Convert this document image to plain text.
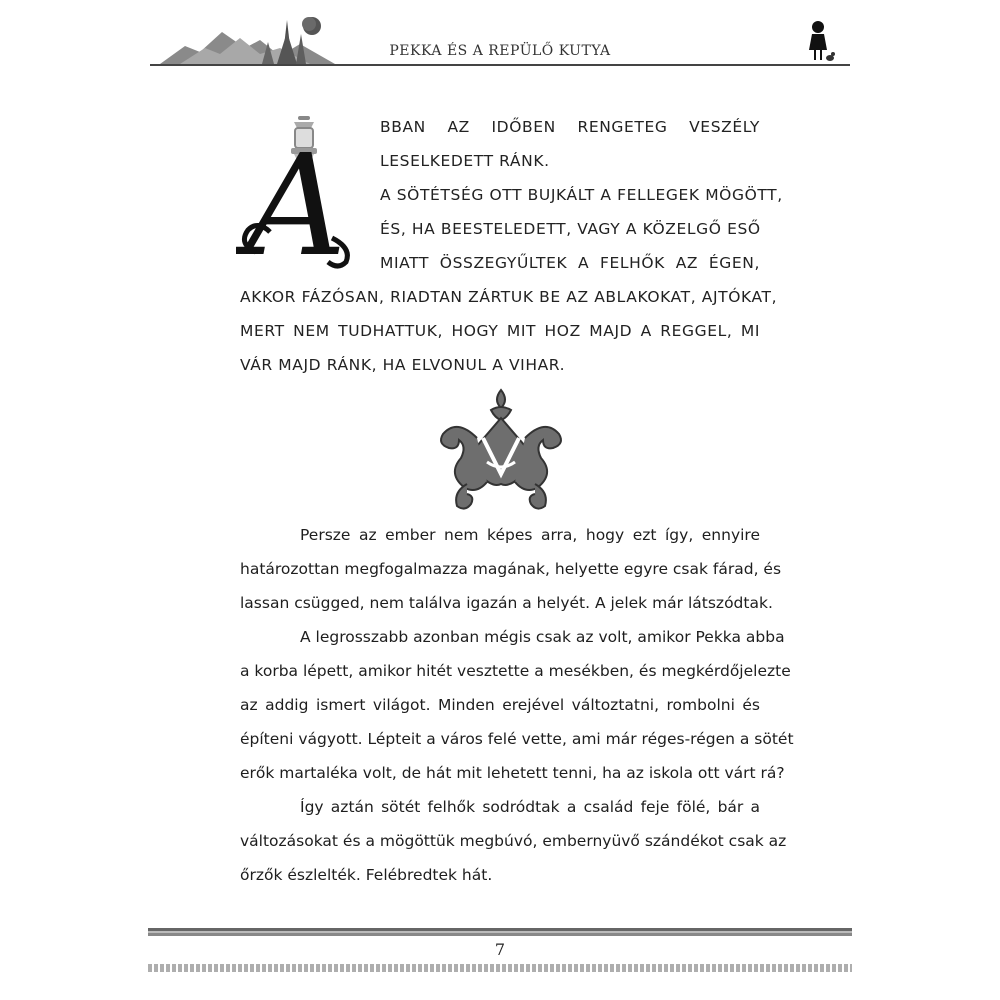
PEKKA ÉS A REPÜLŐ KUTYA
A BBAN AZ IDŐBEN RENGETEG VESZÉLY
LESELKEDETT RÁNK.
A SÖTÉTSÉG OTT BUJKÁLT A FELLEGEK MÖGÖTT,
ÉS, HA BEESTELEDETT, VAGY A KÖZELGŐ ESŐ
MIATT ÖSSZEGYŰLTEK A FELHŐK AZ ÉGEN,
AKKOR FÁZÓSAN, RIADTAN ZÁRTUK BE AZ ABLAKOKAT, AJTÓKAT,
MERT NEM TUDHATTUK, HOGY MIT HOZ MAJD A REGGEL, MI
VÁR MAJD RÁNK, HA ELVONUL A VIHAR.
Persze az ember nem képes arra, hogy ezt így, ennyire
határozottan megfogalmazza magának, helyette egyre csak fárad, és
lassan csügged, nem találva igazán a helyét. A jelek már látszódtak.
A legrosszabb azonban mégis csak az volt, amikor Pekka abba
a korba lépett, amikor hitét vesztette a mesékben, és megkérdőjelezte
az addig ismert világot. Minden erejével változtatni, rombolni és
építeni vágyott. Lépteit a város felé vette, ami már réges-régen a sötét
erők martaléka volt, de hát mit lehetett tenni, ha az iskola ott várt rá?
Így aztán sötét felhők sodródtak a család feje fölé, bár a
változásokat és a mögöttük megbúvó, embernyüvő szándékot csak az
őrzők észlelték. Felébredtek hát.
7
